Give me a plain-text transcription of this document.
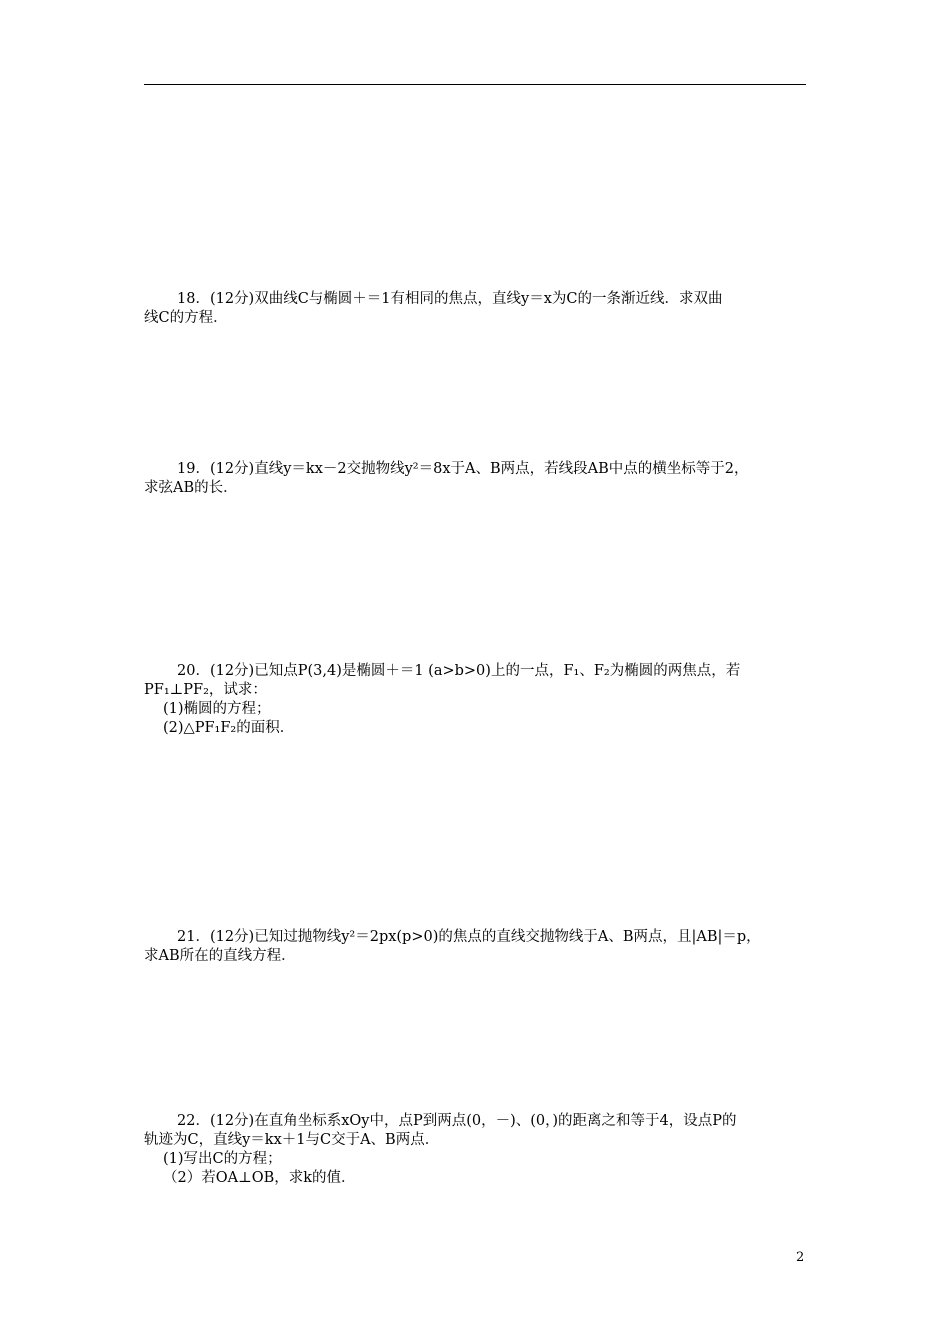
18．(12分)双曲线C与椭圆＋＝1有相同的焦点，直线y＝x为C的一条渐近线．求双曲

线C的方程．

19．(12分)直线y＝kx－2交抛物线y²＝8x于A、B两点，若线段AB中点的横坐标等于2，

求弦AB的长．

20．(12分)已知点P(3,4)是椭圆＋＝1 (a>b>0)上的一点，F₁、F₂为椭圆的两焦点，若

PF₁⊥PF₂，试求：

(1)椭圆的方程；

(2)△PF₁F₂的面积．

21．(12分)已知过抛物线y²＝2px(p>0)的焦点的直线交抛物线于A、B两点，且|AB|＝p，

求AB所在的直线方程．

22．(12分)在直角坐标系xOy中，点P到两点(0，－)、(0，)的距离之和等于4，设点P的

轨迹为C，直线y＝kx＋1与C交于A、B两点．

(1)写出C的方程；

（2）若OA⊥OB，求k的值．

2
